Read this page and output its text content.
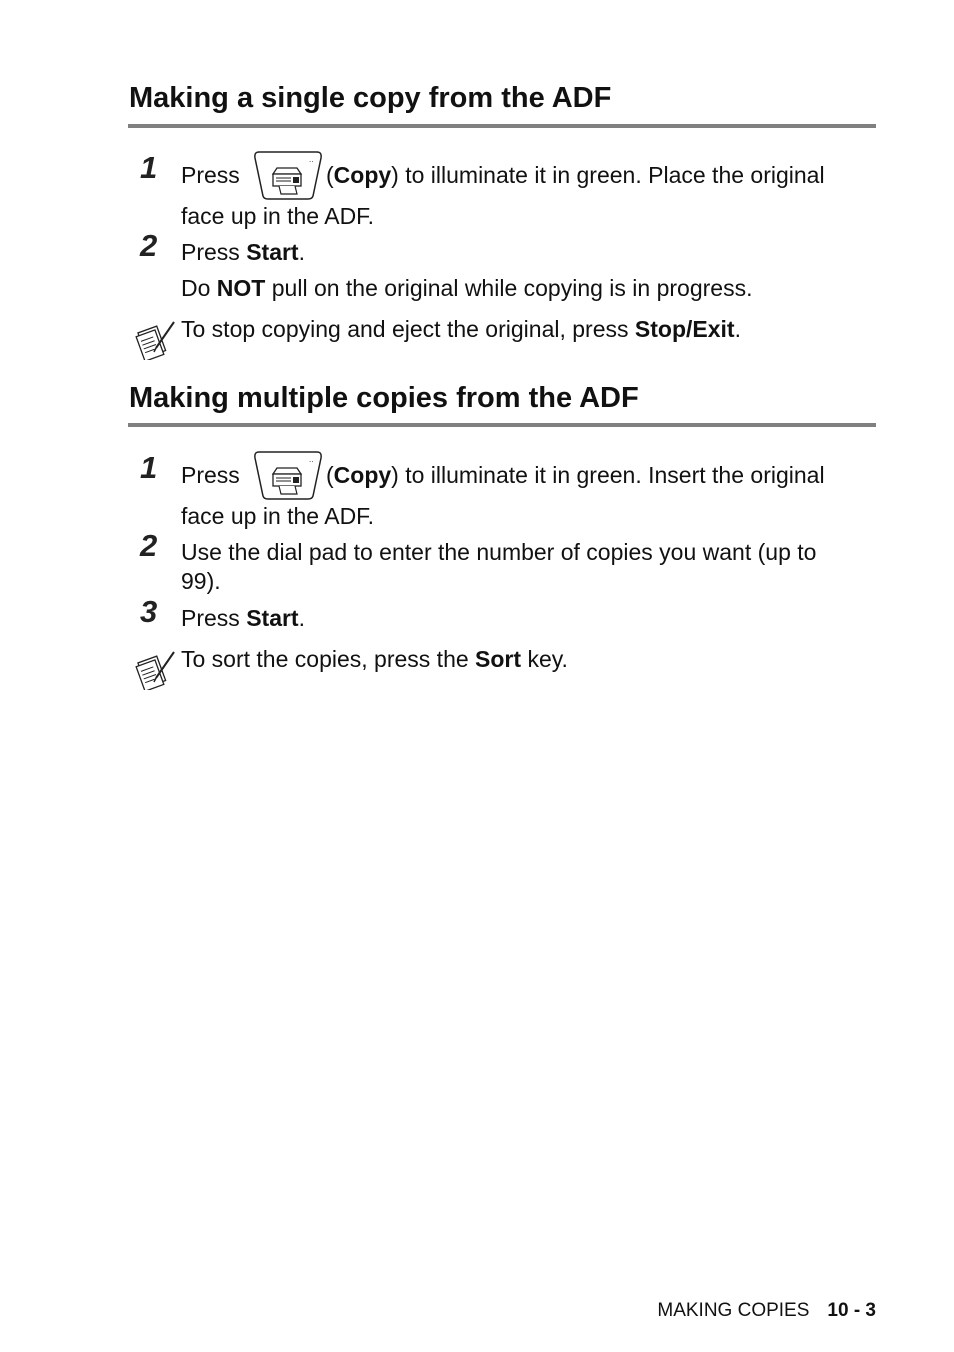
Making a single copy from the ADF
1 Press	⋅⋅ (Copy) to illuminate it in green. Place the original
face up in the ADF.
2 Press Start.
Do NOT pull on the original while copying is in progress.
To stop copying and eject the original, press Stop/Exit.
Making multiple copies from the ADF
1 Press	⋅⋅ (Copy) to illuminate it in green. Insert the original
face up in the ADF.
2 Use the dial pad to enter the number of copies you want (up to
99).
3 Press Start.
To sort the copies, press the Sort key.
MAKING COPIES 10 - 3
